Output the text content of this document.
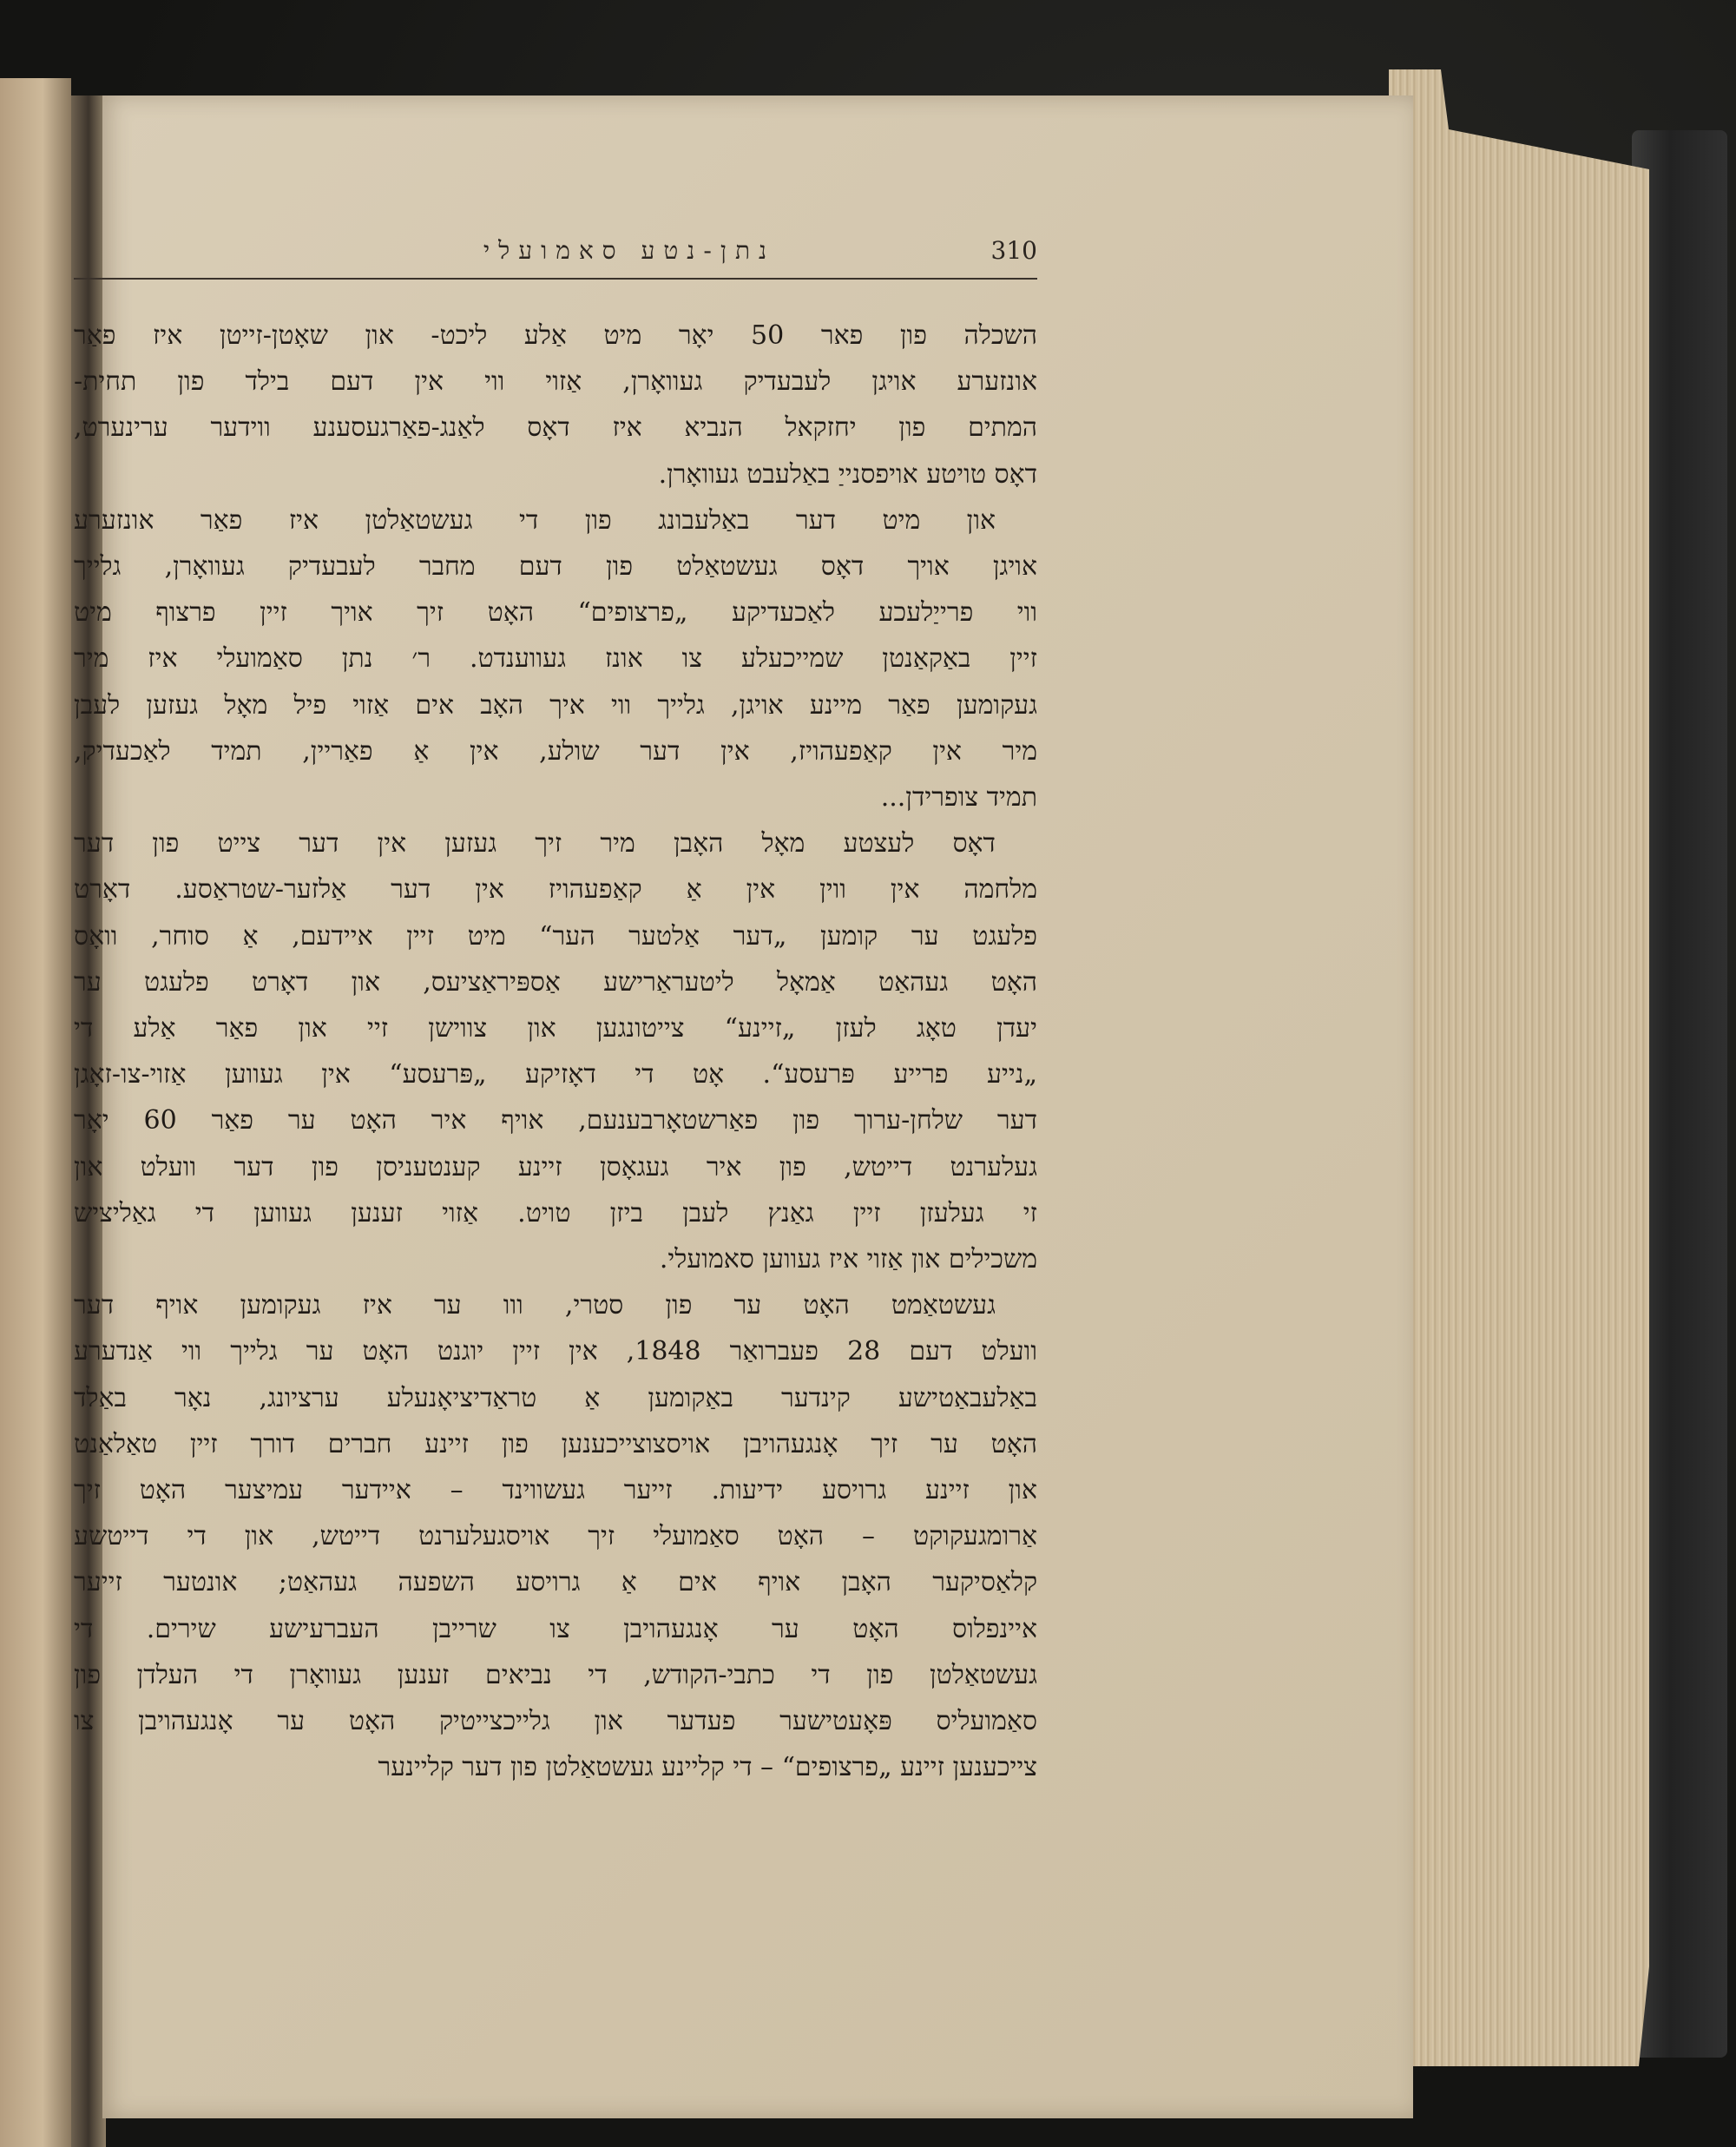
נתן-נטע סאמועלי	310

השכלה פון פאר 50 יאָר מיט אַלע ליכט- און שאָטן-זייטן איז פאַר
אונזערע אויגן לעבעדיק געוואָרן, אַזוי ווי אין דעם בילד פון תחית-
המתים פון יחזקאל הנביא איז דאָס לאַנג-פאַרגעסענע ווידער ערינערט,
דאָס טויטע אויפסנייַ באַלעבט געוואָרן.

און מיט דער באַלעבונג פון די געשטאַלטן איז פאַר אונזערע
אויגן אויך דאָס געשטאַלט פון דעם מחבר לעבעדיק געוואָרן, גלייך
ווי פרייַלעכע לאַכעדיקע „פרצופים“ האָט זיך אויך זיין פרצוף מיט
זיין באַקאַנטן שמייכעלע צו אונז געווענדט. ר׳ נתן סאַמועלי איז מיר
געקומען פאַר מיינע אויגן, גלייך ווי איך האָב אים אַזוי פיל מאָל געזען לעבן
מיר אין קאַפעהויז, אין דער שולע, אין אַ פאַריין, תמיד לאַכעדיק,
תמיד צופרידן...

דאָס לעצטע מאָל האָבן מיר זיך געזען אין דער צייט פון דער
מלחמה אין ווין אין אַ קאַפעהויז אין דער אַלזער-שטראַסע. דאָרט
פלעגט ער קומען „דער אַלטער הער“ מיט זיין איידעם, אַ סוחר, וואָס
האָט געהאַט אַמאָל ליטעראַרישע אַספּיראַציעס, און דאָרט פלעגט ער
יעדן טאָג לעזן „זיינע“ צייטונגען און צווישן זיי און פאַר אַלע די
„נייע פרייע פּרעסע“. אָט די דאָזיקע „פּרעסע“ אין געווען אַזוי-צו-זאָגן
דער שלחן-ערוך פון פאַרשטאָרבענעם, אויף איר האָט ער פאַר 60 יאָר
געלערנט דייטש, פון איר געגאָסן זיינע קענטעניסן פון דער וועלט און
זי געלעזן זיין גאַנץ לעבן ביזן טויט. אַזוי זענען געווען די גאַליציש
משכילים און אַזוי איז געווען סאמועלי.

געשטאַמט האָט ער פון סטרי, ווו ער איז געקומען אויף דער
וועלט דעם 28 פעברואַר 1848, אין זיין יוגנט האָט ער גלייך ווי אַנדערע
באַלעבאַטישע קינדער באַקומען אַ טראַדיציאָנעלע ערציונג, נאָר באַלד
האָט ער זיך אָנגעהויבן אויסצוצייכענען פון זיינע חברים דורך זיין טאַלאַנט
און זיינע גרויסע ידיעות. זייער געשווינד – איידער עמיצער האָט זיך
אַרומגעקוקט – האָט סאַמועלי זיך אויסגעלערנט דייטש, און די דייטשע
קלאַסיקער האָבן אויף אים אַ גרויסע השפעה געהאַט; אונטער זייער
איינפלוס האָט ער אָנגעהויבן צו שרייבן העברעישע שירים. די
געשטאַלטן פון די כתבי-הקודש, די נביאים זענען געוואָרן די העלדן פון
סאַמועליס פּאָעטישער פעדער און גלייכצייטיק האָט ער אָנגעהויבן צו
צייכענען זיינע „פרצופים“ – די קליינע געשטאַלטן פון דער קליינער
